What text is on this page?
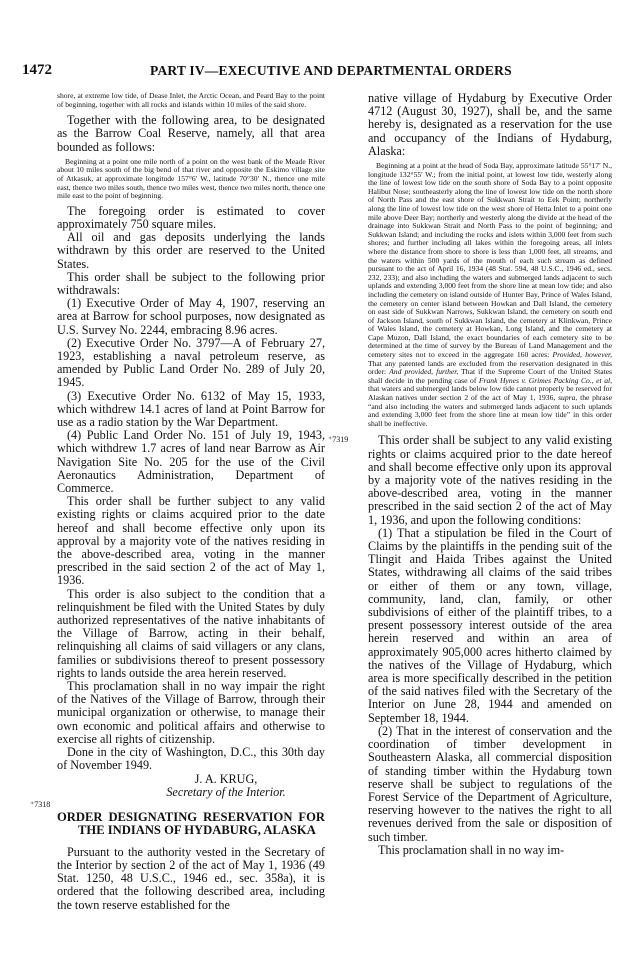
1472	PART IV—EXECUTIVE AND DEPARTMENTAL ORDERS
⁺7318
⁺7319

shore, at extreme low tide, of Dease Inlet, the Arctic Ocean, and Peard Bay to the point of beginning, together with all rocks and islands within 10 miles of the said shore.

Together with the following area, to be designated as the Barrow Coal Reserve, namely, all that area bounded as follows:

Beginning at a point one mile north of a point on the west bank of the Meade River about 10 miles south of the big bend of that river and opposite the Eskimo village site of Atkasuk, at approximate longitude 157°6′ W., latitude 70°30′ N., thence one mile east, thence two miles south, thence two miles west, thence two miles north, thence one mile east to the point of beginning.

The foregoing order is estimated to cover approximately 750 square miles.

All oil and gas deposits underlying the lands withdrawn by this order are reserved to the United States.

This order shall be subject to the following prior withdrawals:

(1) Executive Order of May 4, 1907, reserving an area at Barrow for school purposes, now designated as U.S. Survey No. 2244, embracing 8.96 acres.

(2) Executive Order No. 3797—A of February 27, 1923, establishing a naval petroleum reserve, as amended by Public Land Order No. 289 of July 20, 1945.

(3) Executive Order No. 6132 of May 15, 1933, which withdrew 14.1 acres of land at Point Barrow for use as a radio station by the War Department.

(4) Public Land Order No. 151 of July 19, 1943, which withdrew 1.7 acres of land near Barrow as Air Navigation Site No. 205 for the use of the Civil Aeronautics Administration, Department of Commerce.

This order shall be further subject to any valid existing rights or claims acquired prior to the date hereof and shall become effective only upon its approval by a majority vote of the natives residing in the above-described area, voting in the manner prescribed in the said section 2 of the act of May 1, 1936.

This order is also subject to the condition that a relinquishment be filed with the United States by duly authorized representatives of the native inhabitants of the Village of Barrow, acting in their behalf, relinquishing all claims of said villagers or any clans, families or subdivisions thereof to present possessory rights to lands outside the area herein reserved.

This proclamation shall in no way impair the right of the Natives of the Village of Barrow, through their municipal organization or otherwise, to manage their own economic and political affairs and otherwise to exercise all rights of citizenship.

Done in the city of Washington, D.C., this 30th day of November 1949.

J. A. KRUG,

Secretary of the Interior.

ORDER DESIGNATING RESERVATION FOR THE INDIANS OF HYDABURG, ALASKA

Pursuant to the authority vested in the Secretary of the Interior by section 2 of the act of May 1, 1936 (49 Stat. 1250, 48 U.S.C., 1946 ed., sec. 358a), it is ordered that the following described area, including the town reserve established for the

native village of Hydaburg by Executive Order 4712 (August 30, 1927), shall be, and the same hereby is, designated as a reservation for the use and occupancy of the Indians of Hydaburg, Alaska:

Beginning at a point at the head of Soda Bay, approximate latitude 55°17′ N., longitude 132°55′ W.; from the initial point, at lowest low tide, westerly along the line of lowest low tide on the south shore of Soda Bay to a point opposite Halibut Nose; southeasterly along the line of lowest low tide on the north shore of North Pass and the east shore of Sukkwan Strait to Eek Point; northerly along the line of lowest low tide on the west shore of Hetta Inlet to a point one mile above Deer Bay; northerly and westerly along the divide at the head of the drainage into Sukkwan Strait and North Pass to the point of beginning; and Sukkwan Island; and including the rocks and islets within 3,000 feet from such shores; and further including all lakes within the foregoing areas, all inlets where the distance from shore to shore is less than 1,000 feet, all streams, and the waters within 500 yards of the mouth of each such stream as defined pursuant to the act of April 16, 1934 (48 Stat. 594, 48 U.S.C., 1946 ed., secs. 232, 233); and also including the waters and submerged lands adjacent to such uplands and extending 3,000 feet from the shore line at mean low tide; and also including the cemetery on island outside of Hunter Bay, Prince of Wales Island, the cemetery on center island between Howkan and Dall Island, the cemetery on east side of Sukkwan Narrows, Sukkwan Island, the cemetery on south end of Jackson Island, south of Sukkwan Island, the cemetery at Klinkwan, Prince of Wales Island, the cemetery at Howkan, Long Island, and the cemetery at Cape Muzon, Dall Island, the exact boundaries of each cemetery site to be determined at the time of survey by the Bureau of Land Management and the cemetery sites not to exceed in the aggregate 160 acres: Provided, however, That any patented lands are excluded from the reservation designated in this order: And provided, further, That if the Supreme Court of the United States shall decide in the pending case of Frank Hynes v. Grimes Packing Co., et al, that waters and submerged lands below low tide cannot properly be reserved for Alaskan natives under section 2 of the act of May 1, 1936, supra, the phrase “and also including the waters and submerged lands adjacent to such uplands and extending 3,000 feet from the shore line at mean low tide” in this order shall be ineffective.

This order shall be subject to any valid existing rights or claims acquired prior to the date hereof and shall become effective only upon its approval by a majority vote of the natives residing in the above-described area, voting in the manner prescribed in the said section 2 of the act of May 1, 1936, and upon the following conditions:

(1) That a stipulation be filed in the Court of Claims by the plaintiffs in the pending suit of the Tlingit and Haida Tribes against the United States, withdrawing all claims of the said tribes or either of them or any town, village, community, land, clan, family, or other subdivisions of either of the plaintiff tribes, to a present possessory interest outside of the area herein reserved and within an area of approximately 905,000 acres hitherto claimed by the natives of the Village of Hydaburg, which area is more specifically described in the petition of the said natives filed with the Secretary of the Interior on June 28, 1944 and amended on September 18, 1944.

(2) That in the interest of conservation and the coordination of timber development in Southeastern Alaska, all commercial disposition of standing timber within the Hydaburg town reserve shall be subject to regulations of the Forest Service of the Department of Agriculture, reserving however to the natives the right to all revenues derived from the sale or disposition of such timber.

This proclamation shall in no way im-
